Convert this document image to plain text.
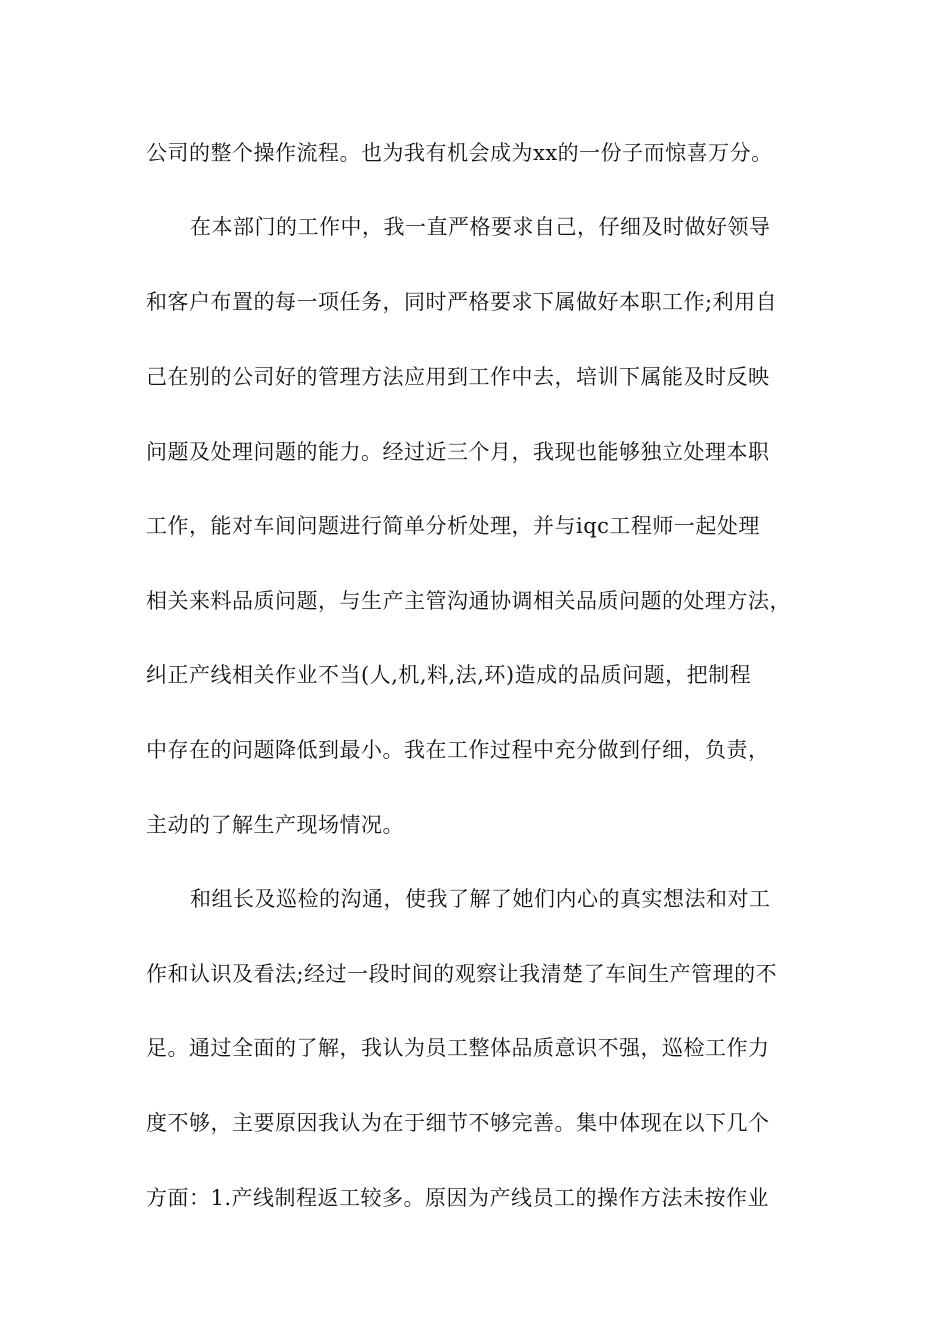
公司的整个操作流程。也为我有机会成为xx的一份子而惊喜万分。

在本部门的工作中，我一直严格要求自己，仔细及时做好领导

和客户布置的每一项任务，同时严格要求下属做好本职工作;利用自

己在别的公司好的管理方法应用到工作中去，培训下属能及时反映

问题及处理问题的能力。经过近三个月，我现也能够独立处理本职

工作，能对车间问题进行简单分析处理，并与iqc工程师一起处理

相关来料品质问题，与生产主管沟通协调相关品质问题的处理方法，

纠正产线相关作业不当(人,机,料,法,环)造成的品质问题，把制程

中存在的问题降低到最小。我在工作过程中充分做到仔细，负责，

主动的了解生产现场情况。

和组长及巡检的沟通，使我了解了她们内心的真实想法和对工

作和认识及看法;经过一段时间的观察让我清楚了车间生产管理的不

足。通过全面的了解，我认为员工整体品质意识不强，巡检工作力

度不够，主要原因我认为在于细节不够完善。集中体现在以下几个

方面：1.产线制程返工较多。原因为产线员工的操作方法未按作业
